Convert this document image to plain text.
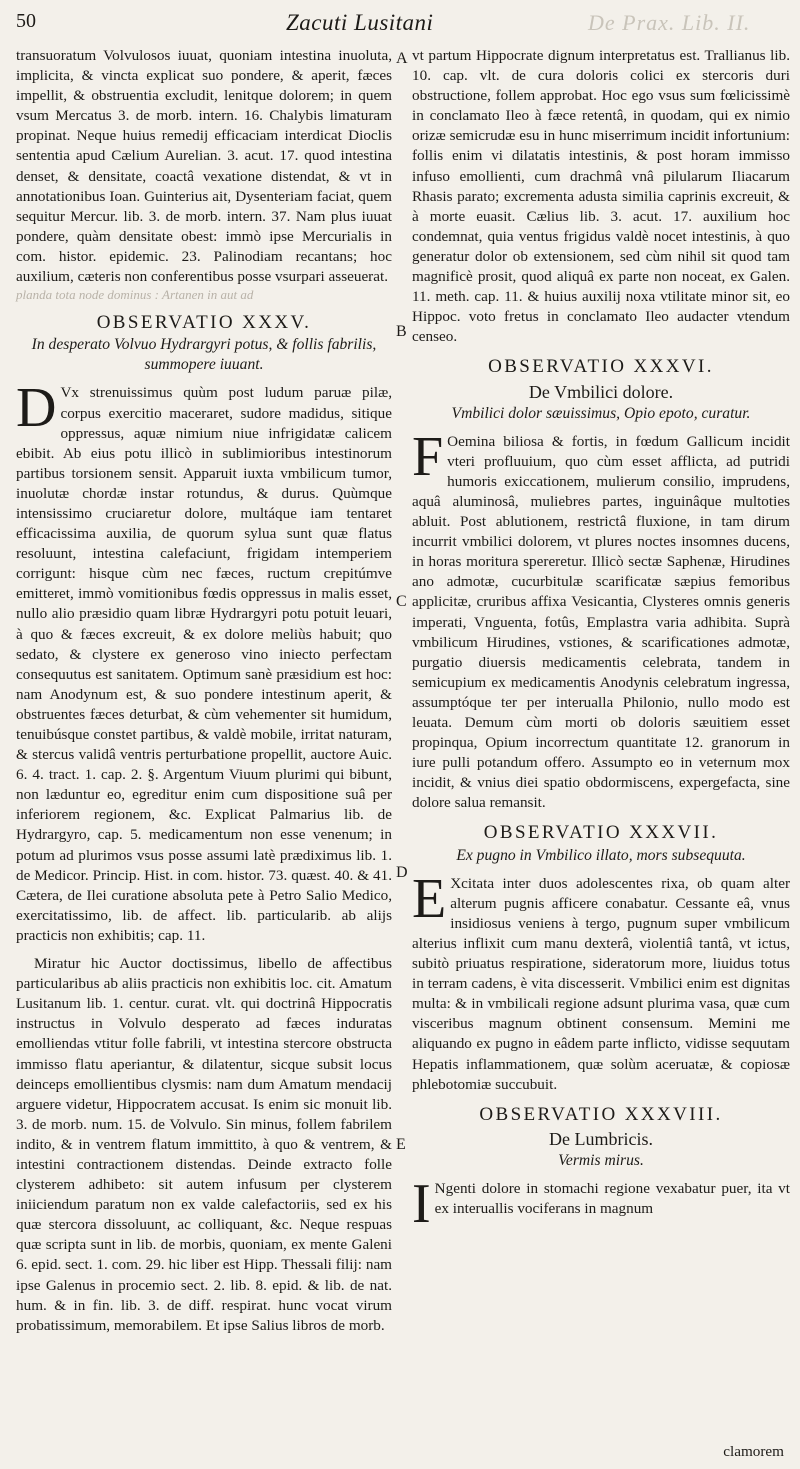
50	Zacuti Lusitani	De Prax. Lib. II.

transuoratum Volvulosos iuuat, quoniam intestina inuoluta, implicita, & vincta explicat suo pondere, & aperit, fæces impellit, & obstruentia excludit, lenitque dolorem; in quem vsum Mercatus 3. de morb. intern. 16. Chalybis limaturam propinat. Neque huius remedij efficaciam interdicat Dioclis sententia apud Cælium Aurelian. 3. acut. 17. quod intestina denset, & densitate, coactâ vexatione distendat, & vt in annotationibus Ioan. Guinterius ait, Dysenteriam faciat, quem sequitur Mercur. lib. 3. de morb. intern. 37. Nam plus iuuat pondere, quàm densitate obest: immò ipse Mercurialis in com. histor. epidemic. 23. Palinodiam recantans; hoc auxilium, cæteris non conferentibus posse vsurpari asseuerat.

planda tota node dominus : Artanen in aut ad

OBSERVATIO XXXV.
In desperato Volvuo Hydrargyri potus, & follis fabrilis, summopere iuuant.

D Vx strenuissimus quùm post ludum paruæ pilæ, corpus exercitio maceraret, sudore madidus, sitique oppressus, aquæ nimium niue infrigidatæ calicem ebibit. Ab eius potu illicò in sublimioribus intestinorum partibus torsionem sensit. Apparuit iuxta vmbilicum tumor, inuolutæ chordæ instar rotundus, & durus. Quùmque intensissimo cruciaretur dolore, multáque iam tentaret efficacissima auxilia, de quorum sylua sunt quæ flatus resoluunt, intestina calefaciunt, frigidam intemperiem corrigunt: hisque cùm nec fæces, ructum crepitúmve emitteret, immò vomitionibus fœdis oppressus in malis esset, nullo alio præsidio quam libræ Hydrargyri potu potuit leuari, à quo & fæces excreuit, & ex dolore meliùs habuit; quo sedato, & clystere ex generoso vino iniecto perfectam consequutus est sanitatem. Optimum sanè præsidium est hoc: nam Anodynum est, & suo pondere intestinum aperit, & obstruentes fæces deturbat, & cùm vehementer sit humidum, tenuibúsque constet partibus, & valdè mobile, irritat naturam, & stercus validâ ventris perturbatione propellit, auctore Auic. 6. 4. tract. 1. cap. 2. §. Argentum Viuum plurimi qui bibunt, non læduntur eo, egreditur enim cum dispositione suâ per inferiorem regionem, &c. Explicat Palmarius lib. de Hydrargyro, cap. 5. medicamentum non esse venenum; in potum ad plurimos vsus posse assumi latè prædiximus lib. 1. de Medicor. Princip. Hist. in com. histor. 73. quæst. 40. & 41. Cætera, de Ilei curatione absoluta pete à Petro Salio Medico, exercitatissimo, lib. de affect. lib. particularib. ab alijs practicis non exhibitis; cap. 11.

Miratur hic Auctor doctissimus, libello de affectibus particularibus ab aliis practicis non exhibitis loc. cit. Amatum Lusitanum lib. 1. centur. curat. vlt. qui doctrinâ Hippocratis instructus in Volvulo desperato ad fæces induratas emolliendas vtitur folle fabrili, vt intestina stercore obstructa immisso flatu aperiantur, & dilatentur, sicque subsit locus deinceps emollientibus clysmis: nam dum Amatum mendacij arguere videtur, Hippocratem accusat. Is enim sic monuit lib. 3. de morb. num. 15. de Volvulo. Sin minus, follem fabrilem indito, & in ventrem flatum immittito, à quo & ventrem, & intestini contractionem distendas. Deinde extracto folle clysterem adhibeto: sit autem infusum per clysterem iniiciendum paratum non ex valde calefactoriis, sed ex his quæ stercora dissoluunt, ac colliquant, &c. Neque respuas quæ scripta sunt in lib. de morbis, quoniam, ex mente Galeni 6. epid. sect. 1. com. 29. hic liber est Hipp. Thessali filij: nam ipse Galenus in procemio sect. 2. lib. 8. epid. & lib. de nat. hum. & in fin. lib. 3. de diff. respirat. hunc vocat virum probatissimum, memorabilem. Et ipse Salius libros de morb.

vt partum Hippocrate dignum interpretatus est. Trallianus lib. 10. cap. vlt. de cura doloris colici ex stercoris duri obstructione, follem approbat. Hoc ego vsus sum fœlicissimè in conclamato Ileo à fæce retentâ, in quodam, qui ex nimio orizæ semicrudæ esu in hunc miserrimum incidit infortunium: follis enim vi dilatatis intestinis, & post horam immisso infuso emollienti, cum drachmâ vnâ pilularum Iliacarum Rhasis parato; excrementa adusta similia caprinis excreuit, & à morte euasit. Cælius lib. 3. acut. 17. auxilium hoc condemnat, quia ventus frigidus valdè nocet intestinis, à quo generatur dolor ob extensionem, sed cùm nihil sit quod tam magnificè prosit, quod aliquâ ex parte non noceat, ex Galen. 11. meth. cap. 11. & huius auxilij noxa vtilitate minor sit, eo Hippoc. voto fretus in conclamato Ileo audacter vtendum censeo.

OBSERVATIO XXXVI.
De Vmbilici dolore.
Vmbilici dolor sæuissimus, Opio epoto, curatur.

F Oemina biliosa & fortis, in fœdum Gallicum incidit vteri profluuium, quo cùm esset afflicta, ad putridi humoris exiccationem, mulierum consilio, imprudens, aquâ aluminosâ, muliebres partes, inguinâque multoties abluit. Post ablutionem, restrictâ fluxione, in tam dirum incurrit vmbilici dolorem, vt plures noctes insomnes ducens, in horas moritura spereretur. Illicò sectæ Saphenæ, Hirudines ano admotæ, cucurbitulæ scarificatæ sæpius femoribus applicitæ, cruribus affixa Vesicantia, Clysteres omnis generis imperati, Vnguenta, fotûs, Emplastra varia adhibita. Suprà vmbilicum Hirudines, vstiones, & scarificationes admotæ, purgatio diuersis medicamentis celebrata, tandem in semicupium ex medicamentis Anodynis celebratum ingressa, assumptóque ter per interualla Philonio, nullo modo est leuata. Demum cùm morti ob doloris sæuitiem esset propinqua, Opium incorrectum quantitate 12. granorum in iure pulli potandum offero. Assumpto eo in veternum mox incidit, & vnius diei spatio obdormiscens, expergefacta, sine dolore salua remansit.

OBSERVATIO XXXVII.
Ex pugno in Vmbilico illato, mors subsequuta.

E Xcitata inter duos adolescentes rixa, ob quam alter alterum pugnis afficere conabatur. Cessante eâ, vnus insidiosus veniens à tergo, pugnum super vmbilicum alterius inflixit cum manu dexterâ, violentiâ tantâ, vt ictus, subitò priuatus respiratione, sideratorum more, liuidus totus in terram cadens, è vita discesserit. Vmbilici enim est dignitas multa: & in vmbilicali regione adsunt plurima vasa, quæ cum visceribus magnum obtinent consensum. Memini me aliquando ex pugno in eâdem parte inflicto, vidisse sequutam Hepatis inflammationem, quæ solùm aceruatæ, & copiosæ phlebotomiæ succubuit.

OBSERVATIO XXXVIII.
De Lumbricis.
Vermis mirus.

I Ngenti dolore in stomachi regione vexabatur puer, ita vt ex interuallis vociferans in magnum

A
B
C
D
E
clamorem
